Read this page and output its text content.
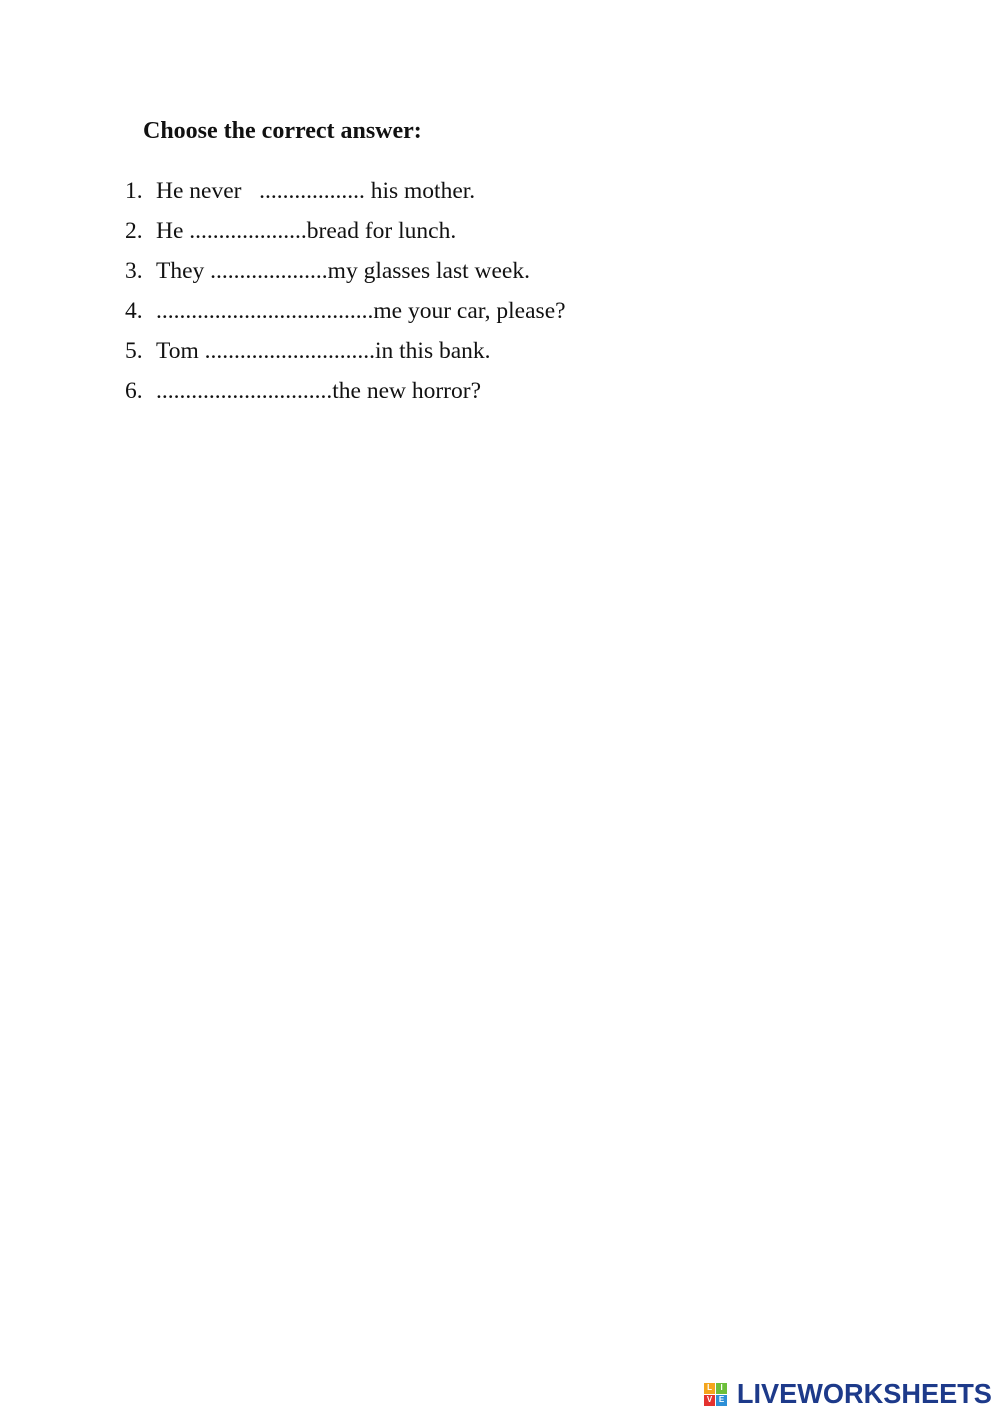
Choose the correct answer:
1. He never   .................. his mother.
2. He ....................bread for lunch.
3. They ....................my glasses last week.
4. .....................................me your car, please?
5. Tom .............................in this bank.
6. ..............................the new horror?
L	I
V E LIVEWORKSHEETS
